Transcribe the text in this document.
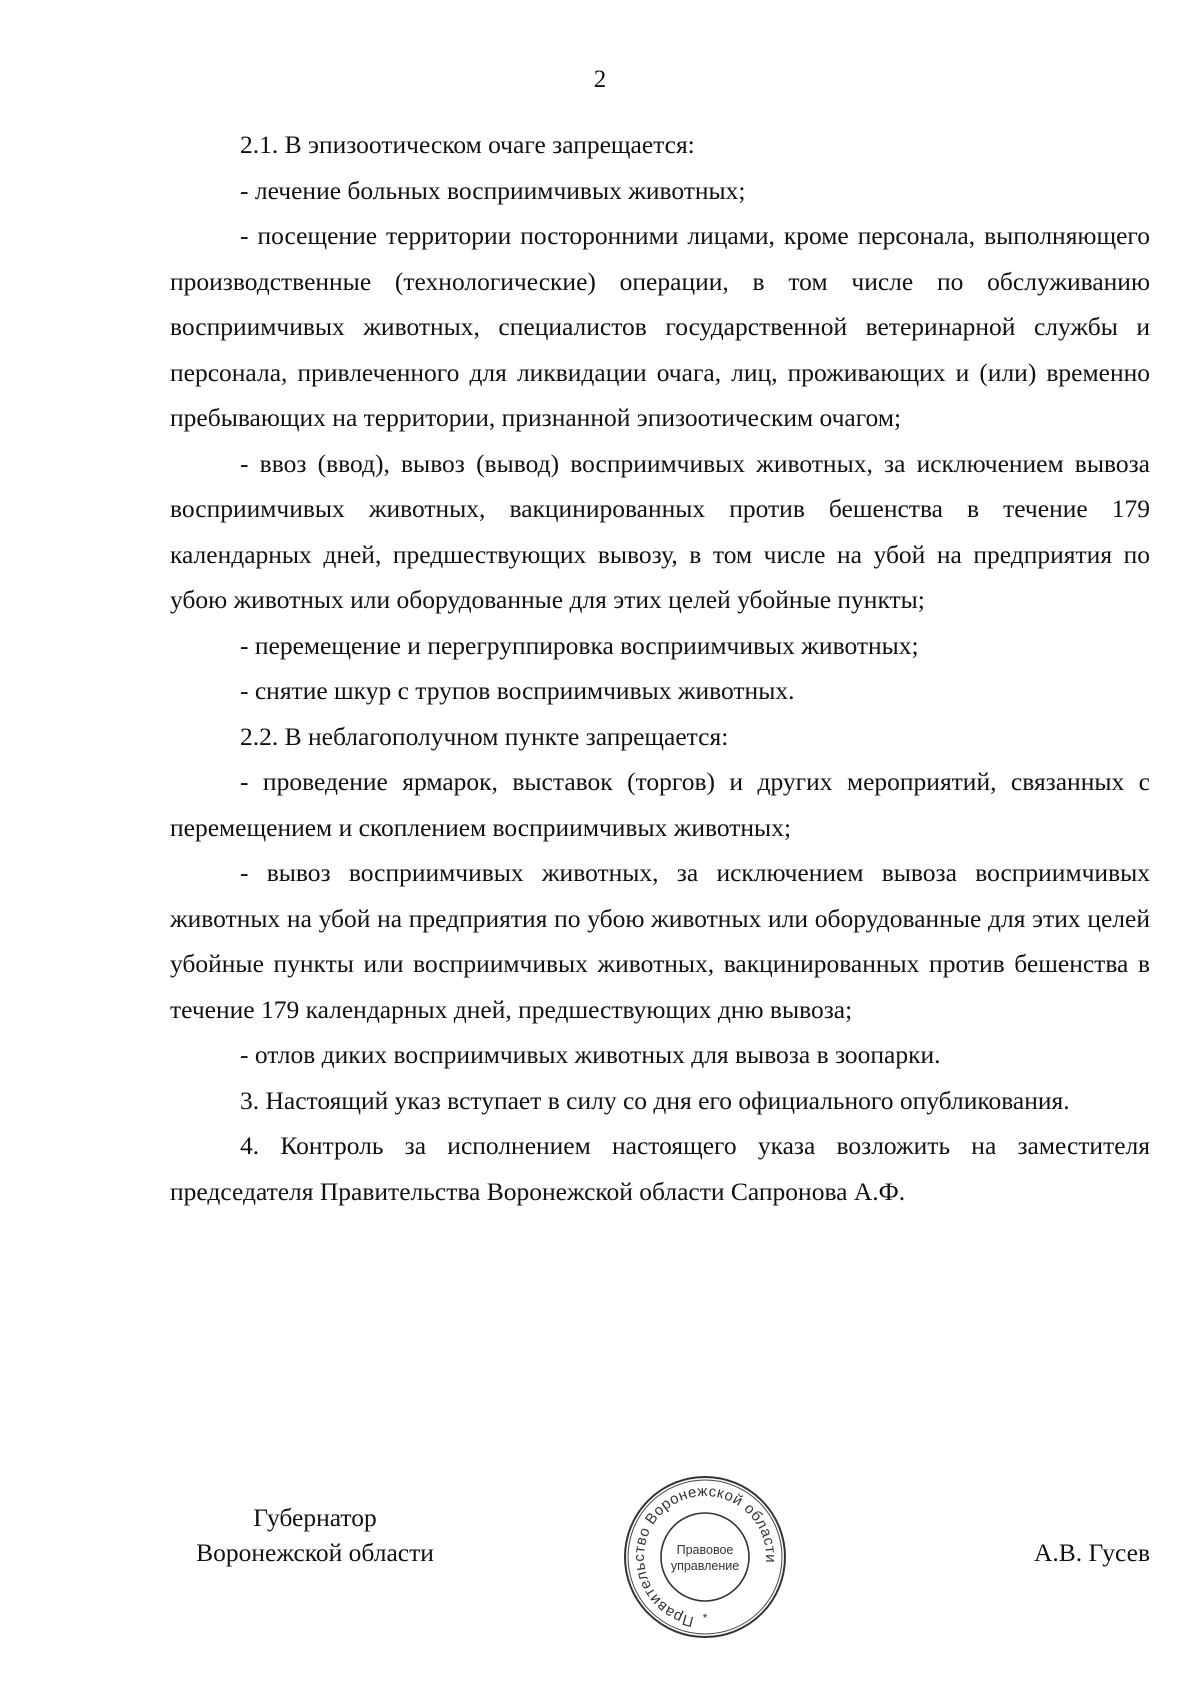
2

2.1. В эпизоотическом очаге запрещается:

- лечение больных восприимчивых животных;

- посещение территории посторонними лицами, кроме персонала, выполняющего производственные (технологические) операции, в том числе по обслуживанию восприимчивых животных, специалистов государственной ветеринарной службы и персонала, привлеченного для ликвидации очага, лиц, проживающих и (или) временно пребывающих на территории, признанной эпизоотическим очагом;

- ввоз (ввод), вывоз (вывод) восприимчивых животных, за исключением вывоза восприимчивых животных, вакцинированных против бешенства в течение 179 календарных дней, предшествующих вывозу, в том числе на убой на предприятия по убою животных или оборудованные для этих целей убойные пункты;

- перемещение и перегруппировка восприимчивых животных;

- снятие шкур с трупов восприимчивых животных.

2.2. В неблагополучном пункте запрещается:

- проведение ярмарок, выставок (торгов) и других мероприятий, связанных с перемещением и скоплением восприимчивых животных;

- вывоз восприимчивых животных, за исключением вывоза восприимчивых животных на убой на предприятия по убою животных или оборудованные для этих целей убойные пункты или восприимчивых животных, вакцинированных против бешенства в течение 179 календарных дней, предшествующих дню вывоза;

- отлов диких восприимчивых животных для вывоза в зоопарки.

3. Настоящий указ вступает в силу со дня его официального опубликования.

4. Контроль за исполнением настоящего указа возложить на заместителя председателя Правительства Воронежской области Сапронова А.Ф.

Губернатор
Воронежской области
Правительство Воронежской области
Правовое
управление
*
А.В. Гусев
